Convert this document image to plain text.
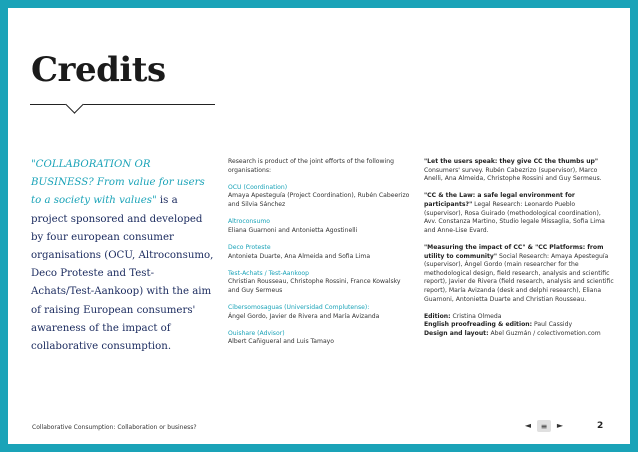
Credits
"COLLABORATION OR BUSINESS? From value for users to a society with values" is a project sponsored and developed by four european consumer organisations (OCU, Altroconsumo, Deco Proteste and Test-Achats/Test-Aankoop) with the aim of raising European consumers' awareness of the impact of collaborative consumption.

Research is product of the joint efforts of the following organisations:

OCU (Coordination)
Amaya Apesteguía (Project Coordination), Rubén Cabeerizo and Silvia Sánchez

Altroconsumo
Eliana Guarnoni and Antonietta Agostinelli

Deco Proteste
Antonieta Duarte, Ana Almeida and Sofia Lima

Test-Achats / Test-Aankoop
Christian Rousseau, Christophe Rossini, France Kowalsky and Guy Sermeus

Cibersomosaguas (Universidad Complutense):
Ángel Gordo, Javier de Rivera and María Avizanda

Ouishare (Advisor)
Albert Cañigueral and Luis Tamayo

"Let the users speak: they give CC the thumbs up" Consumers' survey. Rubén Cabezrizo (supervisor), Marco Anelli, Ana Almeida, Christophe Rossini and Guy Sermeus.

"CC & the Law: a safe legal environment for participants?" Legal Research: Leonardo Pueblo (supervisor), Rosa Guirado (methodological coordination), Avv. Constanza Martino, Studio legale Missaglia, Sofia Lima and Anne-Lise Evard.

"Measuring the impact of CC" & "CC Platforms: from utility to community" Social Research: Amaya Apesteguía (supervisor), Ángel Gordo (main researcher for the methodological design, field research, analysis and scientific report), Javier de Rivera (field research, analysis and scientific report), María Avizanda (desk and delphi research), Eliana Guarnoni, Antonietta Duarte and Christian Rousseau.

Edition: Cristina Olmeda
English proofreading & edition: Paul Cassidy
Design and layout: Abel Guzmán / colectivometion.com

Collaborative Consumption: Collaboration or business?	◄	≡	►	2
